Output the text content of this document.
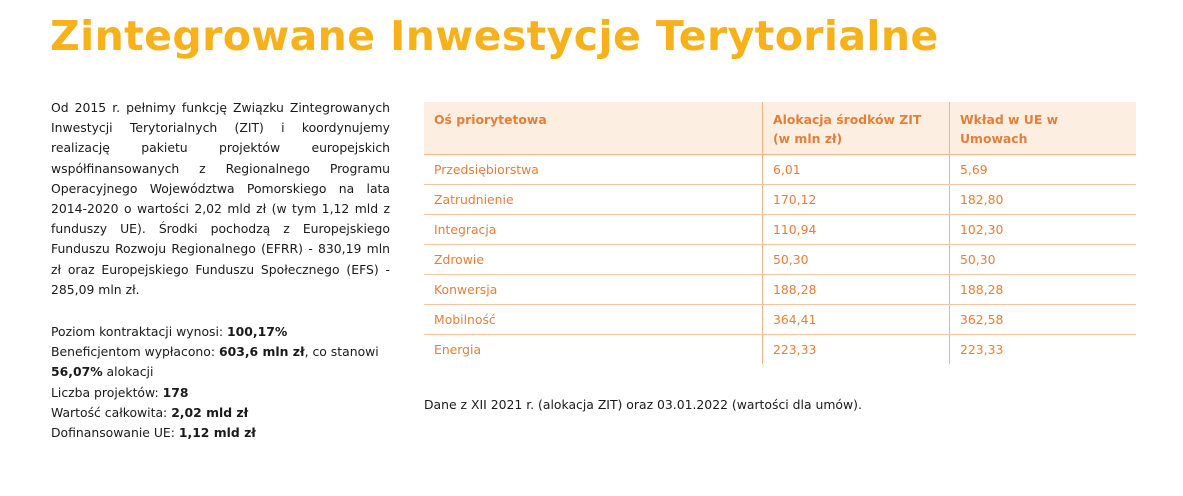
Zintegrowane Inwestycje Terytorialne

Od 2015 r. pełnimy funkcję Związku Zintegrowanych Inwestycji Terytorialnych (ZIT) i koordynujemy realizację pakietu projektów europejskich współfinansowanych z Regionalnego Programu Operacyjnego Województwa Pomorskiego na lata 2014-2020 o wartości 2,02 mld zł (w tym 1,12 mld z funduszy UE). Środki pochodzą z Europejskiego Funduszu Rozwoju Regionalnego (EFRR) - 830,19 mln zł oraz Europejskiego Funduszu Społecznego (EFS) - 285,09 mln zł.

Poziom kontraktacji wynosi: 100,17%

Beneficjentom wypłacono: 603,6 mln zł, co stanowi 56,07% alokacji

Liczba projektów: 178

Wartość całkowita: 2,02 mld zł

Dofinansowanie UE: 1,12 mld zł

Oś priorytetowa	Alokacja środków ZIT (w mln zł)	Wkład w UE w Umowach
Przedsiębiorstwa	6,01	5,69
Zatrudnienie	170,12	182,80
Integracja	110,94	102,30
Zdrowie	50,30	50,30
Konwersja	188,28	188,28
Mobilność	364,41	362,58
Energia	223,33	223,33

Dane z XII 2021 r. (alokacja ZIT) oraz 03.01.2022 (wartości dla umów).
